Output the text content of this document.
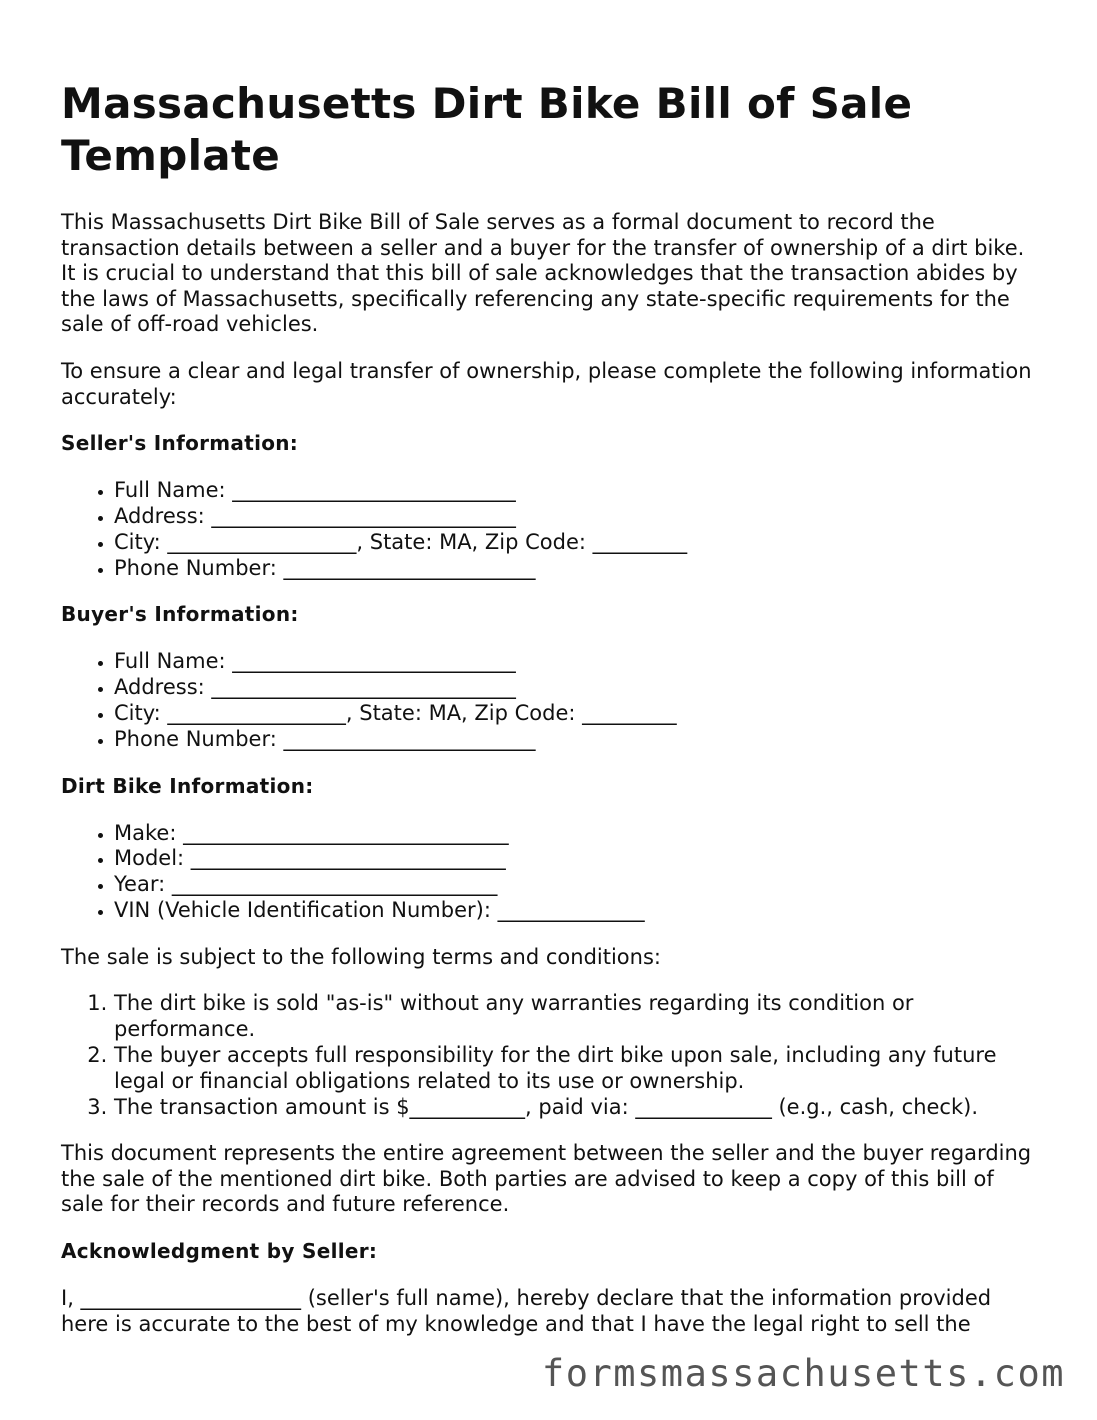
Massachusetts Dirt Bike Bill of Sale Template

This Massachusetts Dirt Bike Bill of Sale serves as a formal document to record the transaction details between a seller and a buyer for the transfer of ownership of a dirt bike. It is crucial to understand that this bill of sale acknowledges that the transaction abides by the laws of Massachusetts, specifically referencing any state-specific requirements for the sale of off-road vehicles.

To ensure a clear and legal transfer of ownership, please complete the following information accurately:

Seller's Information:
• Full Name: ___________________________
• Address: _____________________________
• City: __________________, State: MA, Zip Code: _________
• Phone Number: ________________________
Buyer's Information:
• Full Name: ___________________________
• Address: _____________________________
• City: _________________, State: MA, Zip Code: _________
• Phone Number: ________________________
Dirt Bike Information:
• Make: _______________________________
• Model: ______________________________
• Year: _______________________________
• VIN (Vehicle Identification Number): ______________

The sale is subject to the following terms and conditions:

1. The dirt bike is sold "as-is" without any warranties regarding its condition or performance.
2. The buyer accepts full responsibility for the dirt bike upon sale, including any future legal or financial obligations related to its use or ownership.
3. The transaction amount is $___________, paid via: _____________ (e.g., cash, check).

This document represents the entire agreement between the seller and the buyer regarding the sale of the mentioned dirt bike. Both parties are advised to keep a copy of this bill of sale for their records and future reference.

Acknowledgment by Seller:

I, _____________________ (seller's full name), hereby declare that the information provided here is accurate to the best of my knowledge and that I have the legal right to sell the

formsmassachusetts.com
